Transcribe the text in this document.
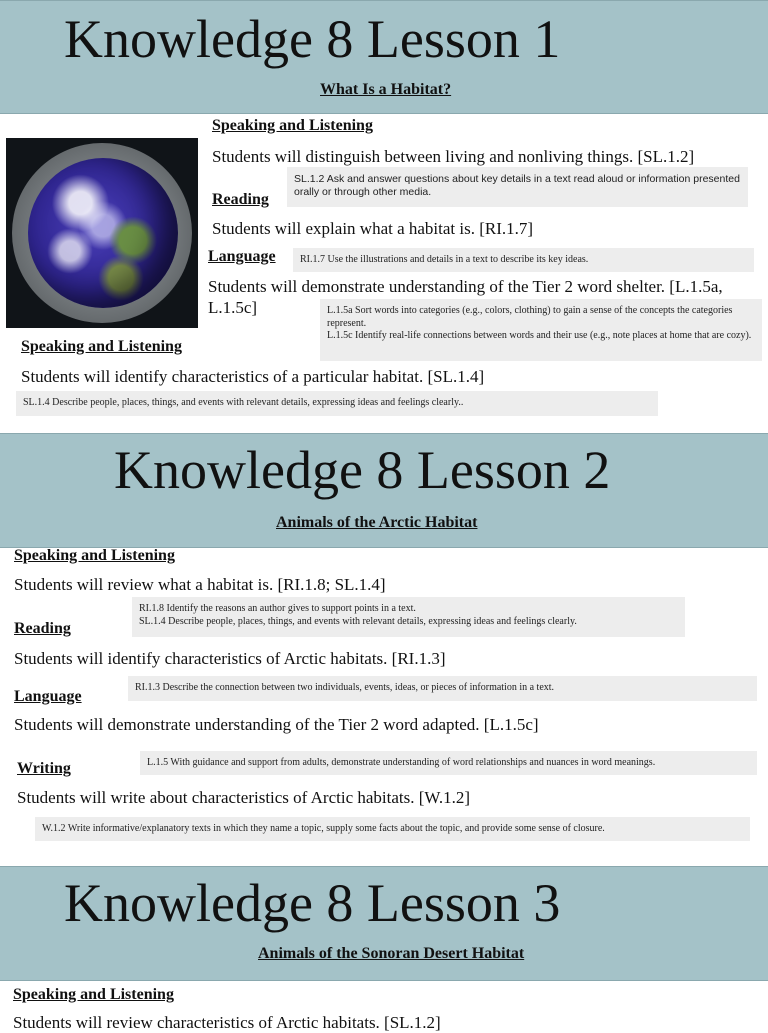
Knowledge 8 Lesson 1
What Is a Habitat?
Speaking and Listening
Students will distinguish between living and nonliving things. [SL.1.2]
SL.1.2 Ask and answer questions about key details in a text read aloud or information presented orally or through other media.
Reading
Students will explain what a habitat is. [RI.1.7]
Language RI.1.7 Use the illustrations and details in a text to describe its key ideas.
Students will demonstrate understanding of the Tier 2 word shelter. [L.1.5a,
L.1.5c]	L.1.5a Sort words into categories (e.g., colors, clothing) to gain a sense of the concepts the categories represent.
L.1.5c Identify real-life connections between words and their use (e.g., note places at home that are cozy).
Speaking and Listening
Students will identify characteristics of a particular habitat. [SL.1.4]
SL.1.4 Describe people, places, things, and events with relevant details, expressing ideas and feelings clearly..
Knowledge 8 Lesson 2
Animals of the Arctic Habitat
Speaking and Listening
Students will review what a habitat is. [RI.1.8; SL.1.4]
RI.1.8 Identify the reasons an author gives to support points in a text.
SL.1.4 Describe people, places, things, and events with relevant details, expressing ideas and feelings clearly.
Reading
Students will identify characteristics of Arctic habitats. [RI.1.3]
RI.1.3 Describe the connection between two individuals, events, ideas, or pieces of information in a text.
Language
Students will demonstrate understanding of the Tier 2 word adapted. [L.1.5c]
L.1.5 With guidance and support from adults, demonstrate understanding of word relationships and nuances in word meanings.
Writing
Students will write about characteristics of Arctic habitats. [W.1.2]
W.1.2 Write informative/explanatory texts in which they name a topic, supply some facts about the topic, and provide some sense of closure.
Knowledge 8 Lesson 3
Animals of the Sonoran Desert Habitat
Speaking and Listening
Students will review characteristics of Arctic habitats. [SL.1.2]
